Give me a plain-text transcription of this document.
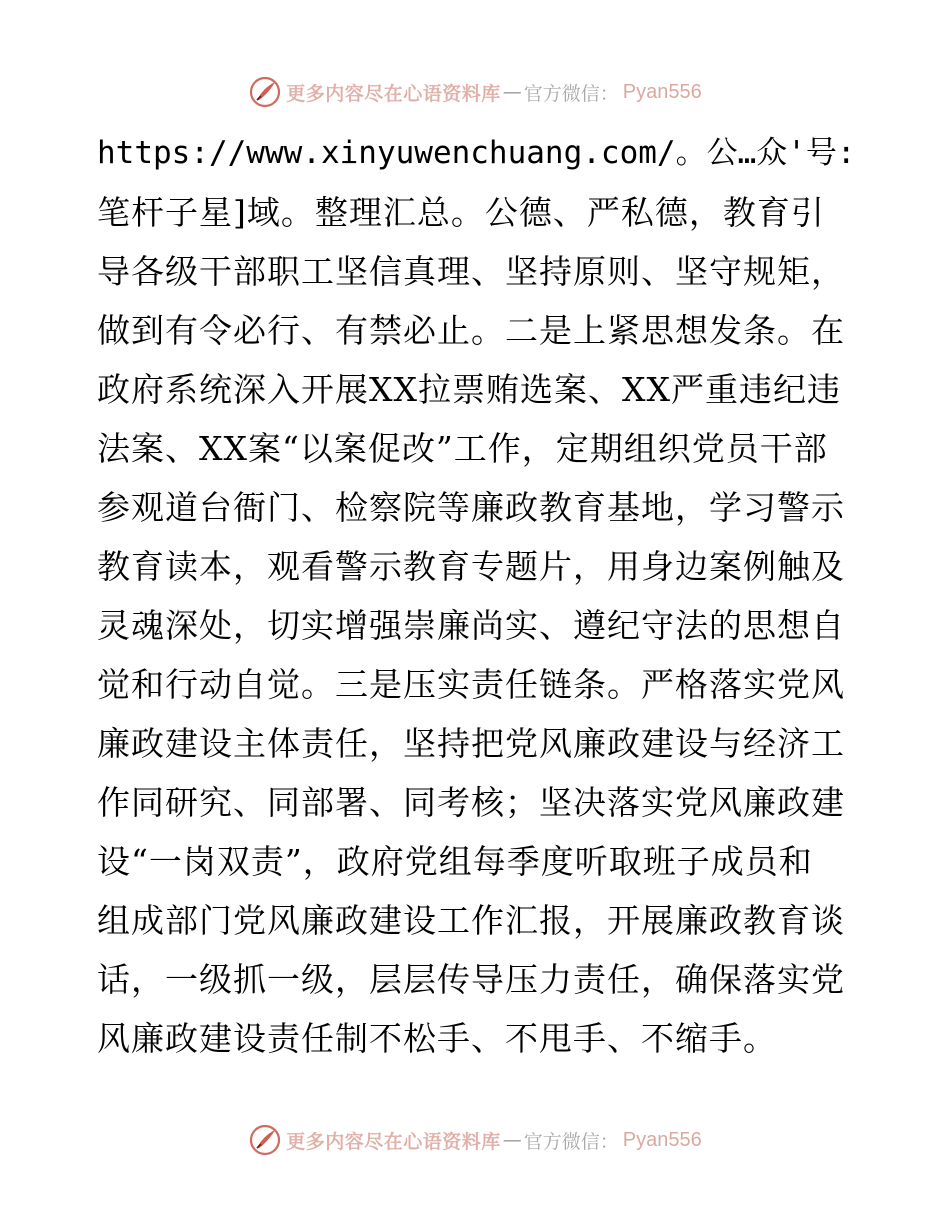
更多内容尽在心语资料库 — 官方微信： Pyan556
https://www.xinyuwenchuang.com/。公…众'号:
笔杆子星]域。整理汇总。公德、严私德，教育引
导各级干部职工坚信真理、坚持原则、坚守规矩，
做到有令必行、有禁必止。二是上紧思想发条。在
政府系统深入开展XX拉票贿选案、XX严重违纪违
法案、XX案“以案促改”工作，定期组织党员干部
参观道台衙门、检察院等廉政教育基地，学习警示
教育读本，观看警示教育专题片，用身边案例触及
灵魂深处，切实增强崇廉尚实、遵纪守法的思想自
觉和行动自觉。三是压实责任链条。严格落实党风
廉政建设主体责任，坚持把党风廉政建设与经济工
作同研究、同部署、同考核；坚决落实党风廉政建
设“一岗双责”，政府党组每季度听取班子成员和
组成部门党风廉政建设工作汇报，开展廉政教育谈
话，一级抓一级，层层传导压力责任，确保落实党
风廉政建设责任制不松手、不甩手、不缩手。
更多内容尽在心语资料库 — 官方微信： Pyan556
